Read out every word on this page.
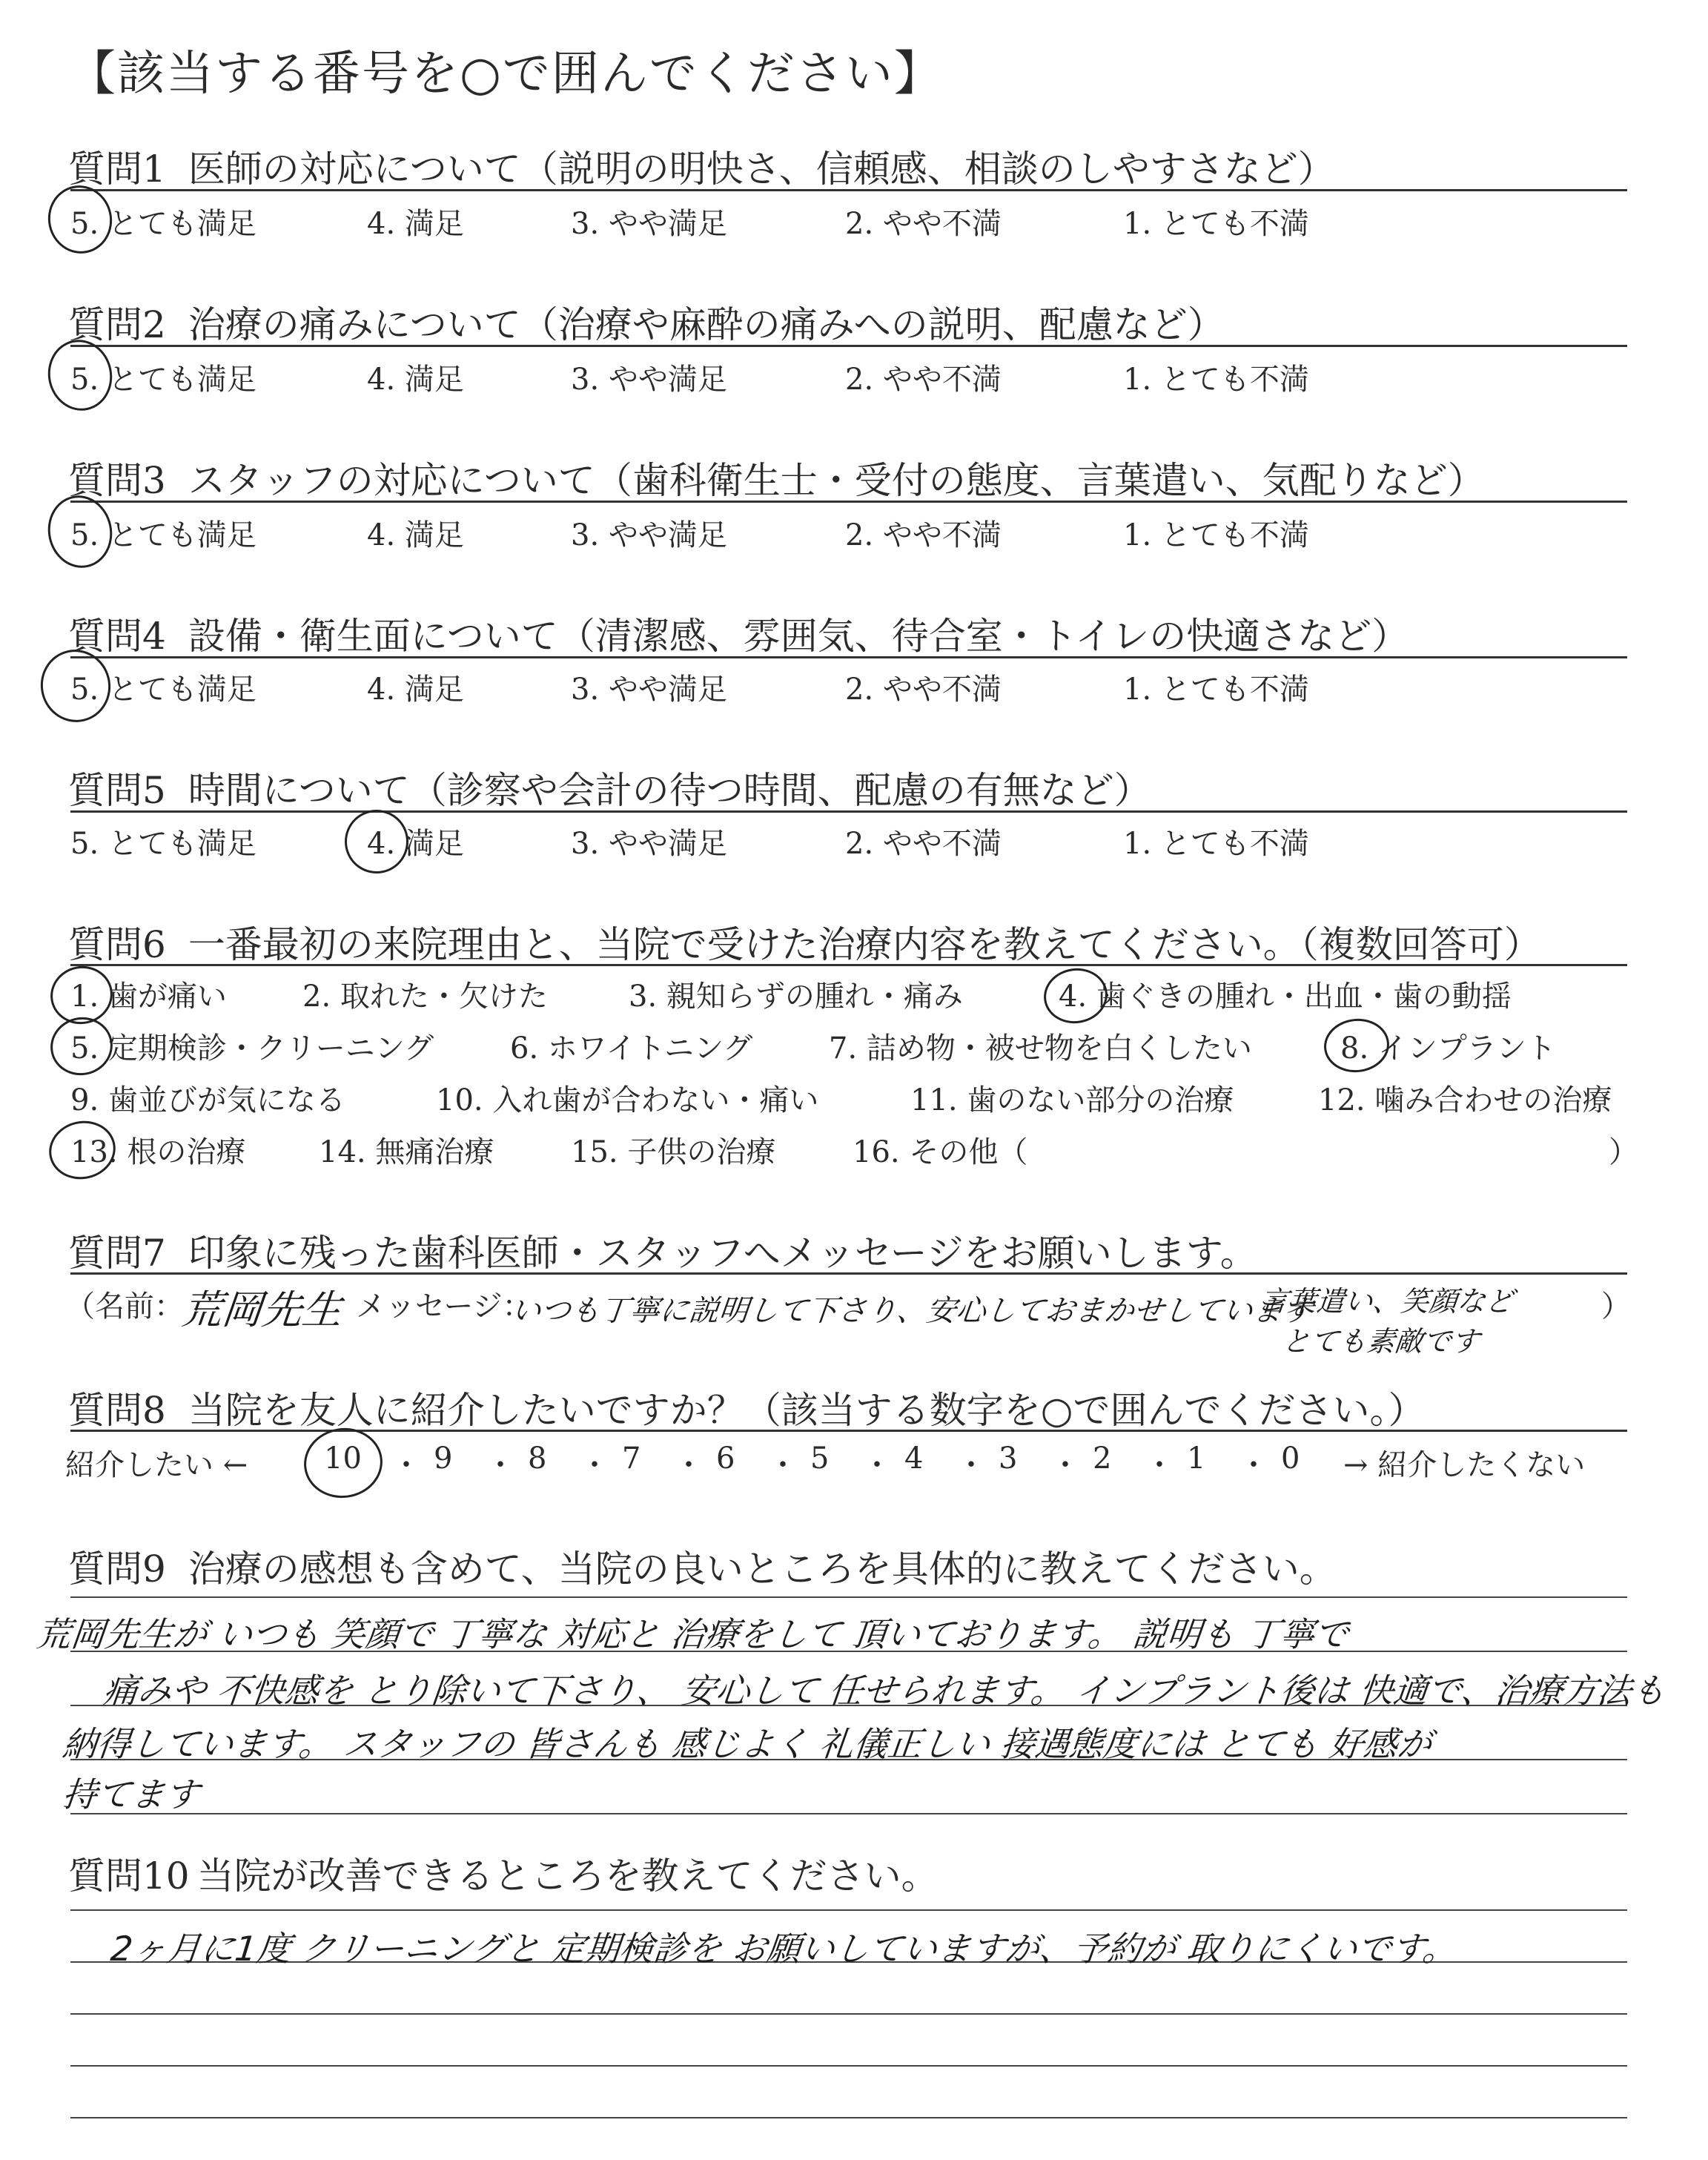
【該当する番号を○で囲んでください】
質問1 医師の対応について（説明の明快さ、信頼感、相談のしやすさなど）
5. とても満足	4. 満足	3. やや満足	2. やや不満	1. とても不満
質問2 治療の痛みについて（治療や麻酔の痛みへの説明、配慮など）
5. とても満足	4. 満足	3. やや満足	2. やや不満	1. とても不満
質問3 スタッフの対応について（歯科衛生士・受付の態度、言葉遣い、気配りなど）
5. とても満足	4. 満足	3. やや満足	2. やや不満	1. とても不満
質問4 設備・衛生面について（清潔感、雰囲気、待合室・トイレの快適さなど）
5. とても満足	4. 満足	3. やや満足	2. やや不満	1. とても不満
質問5 時間について（診察や会計の待つ時間、配慮の有無など）
5. とても満足	4. 満足	3. やや満足	2. やや不満	1. とても不満
質問6 一番最初の来院理由と、当院で受けた治療内容を教えてください。（複数回答可）
1. 歯が痛い	2. 取れた・欠けた	3. 親知らずの腫れ・痛み	4. 歯ぐきの腫れ・出血・歯の動揺
5. 定期検診・クリーニング	6. ホワイトニング	7. 詰め物・被せ物を白くしたい	8. インプラント
9. 歯並びが気になる	10. 入れ歯が合わない・痛い	11. 歯のない部分の治療	12. 噛み合わせの治療
13. 根の治療 14. 無痛治療	15. 子供の治療	16. その他（	）
質問7 印象に残った歯科医師・スタッフへメッセージをお願いします。
（名前：
荒岡先生 メッセージ：
いつも丁寧に説明して下さり、安心しておまかせしています
言葉遣い、笑顔など	）
とても素敵です
質問8 当院を友人に紹介したいですか？（該当する数字を○で囲んでください。）
紹介したい ←	10 ・ 9 ・ 8 ・ 7 ・ 6 ・ 5 ・ 4 ・ 3 ・ 2 ・ 1 ・ 0 → 紹介したくない
質問9 治療の感想も含めて、当院の良いところを具体的に教えてください。
荒岡先生が いつも 笑顔で 丁寧な 対応と 治療をして 頂いております。 説明も 丁寧で
痛みや 不快感を とり除いて下さり、 安心して 任せられます。 インプラント後は 快適で、治療方法も
納得しています。 スタッフの 皆さんも 感じよく 礼儀正しい 接遇態度には とても 好感が
持てます
質問10 当院が改善できるところを教えてください。
2ヶ月に1度 クリーニングと 定期検診を お願いしていますが、予約が 取りにくいです。
